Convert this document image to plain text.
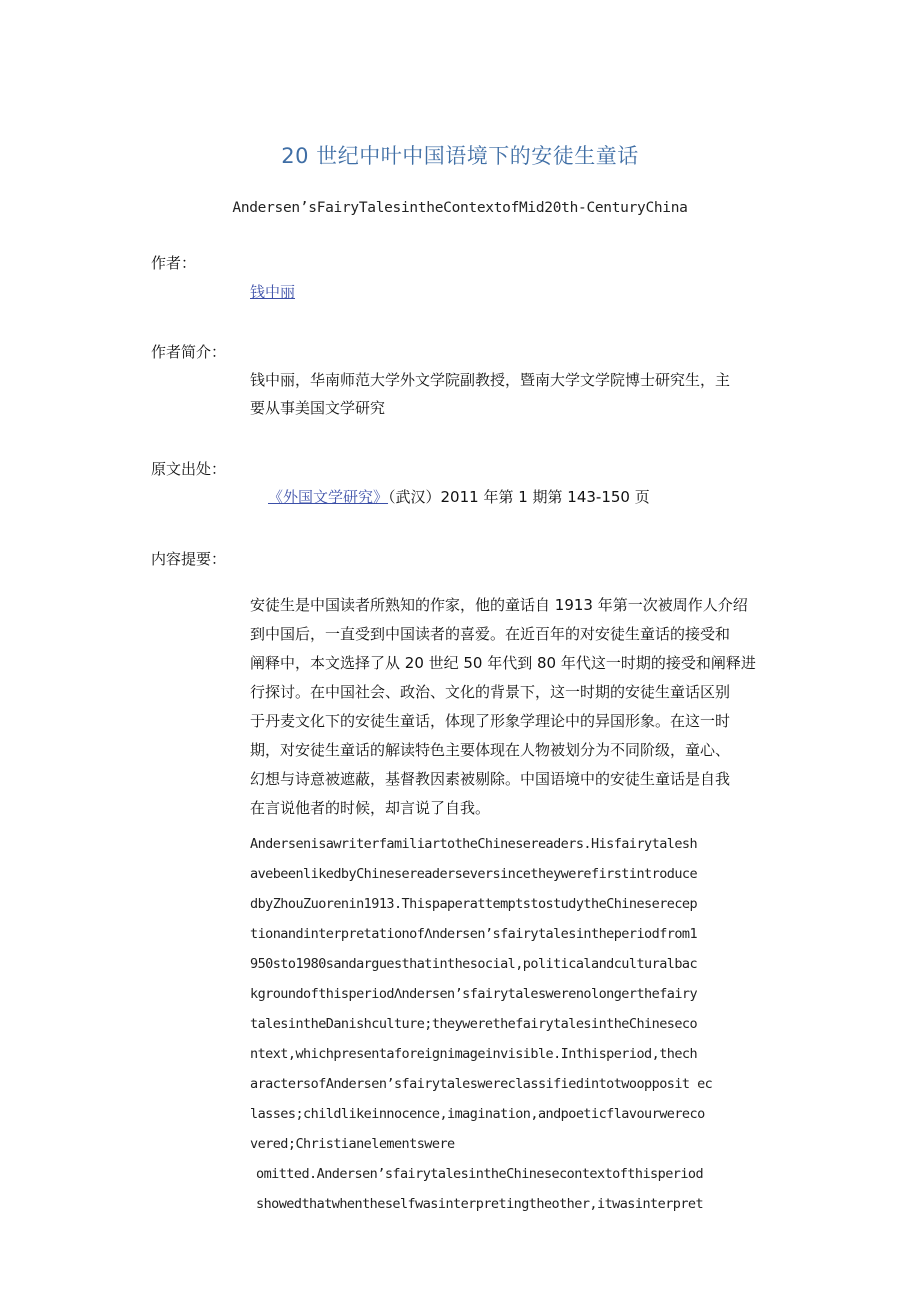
20 世纪中叶中国语境下的安徒生童话
Andersen’sFairyTalesintheContextofMid20th-CenturyChina
作者：
钱中丽
作者简介：
钱中丽，华南师范大学外文学院副教授，暨南大学文学院博士研究生，主
要从事美国文学研究
原文出处：
《外国文学研究》（武汉）2011 年第 1 期第 143-150 页
内容提要：
安徒生是中国读者所熟知的作家，他的童话自 1913 年第一次被周作人介绍
到中国后，一直受到中国读者的喜爱。在近百年的对安徒生童话的接受和
阐释中，本文选择了从 20 世纪 50 年代到 80 年代这一时期的接受和阐释进
行探讨。在中国社会、政治、文化的背景下，这一时期的安徒生童话区别
于丹麦文化下的安徒生童话，体现了形象学理论中的异国形象。在这一时
期，对安徒生童话的解读特色主要体现在人物被划分为不同阶级，童心、
幻想与诗意被遮蔽，基督教因素被剔除。中国语境中的安徒生童话是自我
在言说他者的时候，却言说了自我。
AndersenisawriterfamiliartotheChinesereaders.Hisfairytalesh
avebeenlikedbyChinesereaderseversincetheywerefirstintroduce
dbyZhouZuorenin1913.ThispaperattemptstostudytheChineserecep
tionandinterpretationofΛndersen’sfairytalesintheperiodfrom1
950sto1980sandarguesthatinthesocial,politicalandculturalbac
kgroundofthisperiodΛndersen’sfairytaleswerenolongerthefairy
talesintheDanishculture;theywerethefairytalesintheChineseco
ntext,whichpresentaforeignimageinvisible.Inthisperiod,thech
aractersofAndersen’sfairytaleswereclassifiedintotwoopposit ec
lasses;childlikeinnocence,imagination,andpoeticflavourwereco
vered;Christianelementswere
omitted.Andersen’sfairytalesintheChinesecontextofthisperiod
showedthatwhentheselfwasinterpretingtheother,itwasinterpret
